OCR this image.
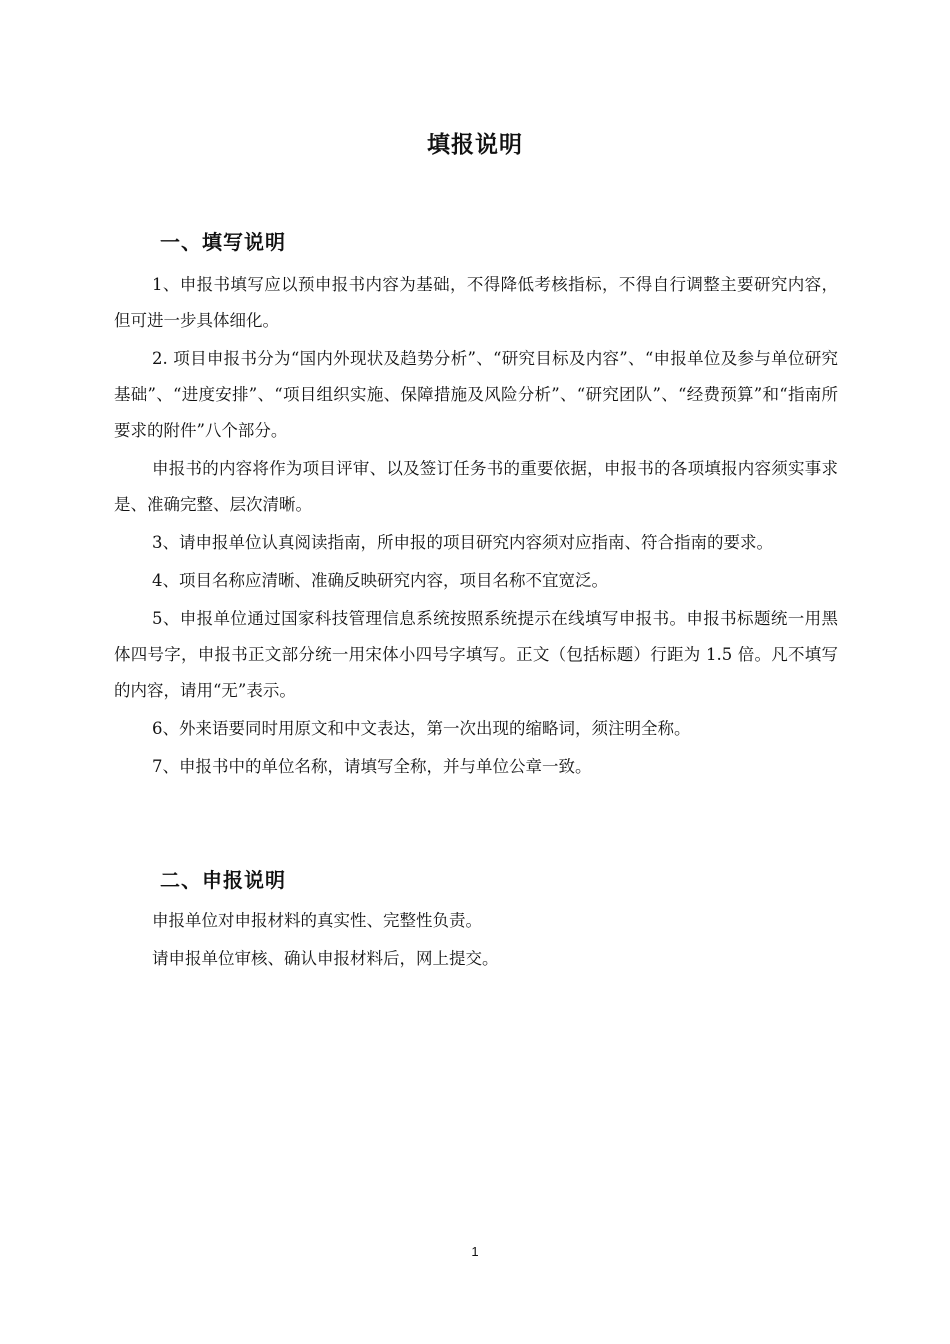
填报说明
一、填写说明

1、申报书填写应以预申报书内容为基础，不得降低考核指标，不得自行调整主要研究内容，但可进一步具体细化。

2. 项目申报书分为“国内外现状及趋势分析”、“研究目标及内容”、“申报单位及参与单位研究基础”、“进度安排”、“项目组织实施、保障措施及风险分析”、“研究团队”、“经费预算”和“指南所要求的附件”八个部分。

申报书的内容将作为项目评审、以及签订任务书的重要依据，申报书的各项填报内容须实事求是、准确完整、层次清晰。

3、请申报单位认真阅读指南，所申报的项目研究内容须对应指南、符合指南的要求。

4、项目名称应清晰、准确反映研究内容，项目名称不宜宽泛。

5、申报单位通过国家科技管理信息系统按照系统提示在线填写申报书。申报书标题统一用黑体四号字，申报书正文部分统一用宋体小四号字填写。正文（包括标题）行距为 1.5 倍。凡不填写的内容，请用“无”表示。

6、外来语要同时用原文和中文表达，第一次出现的缩略词，须注明全称。

7、申报书中的单位名称，请填写全称，并与单位公章一致。

二、申报说明

申报单位对申报材料的真实性、完整性负责。

请申报单位审核、确认申报材料后，网上提交。

1
